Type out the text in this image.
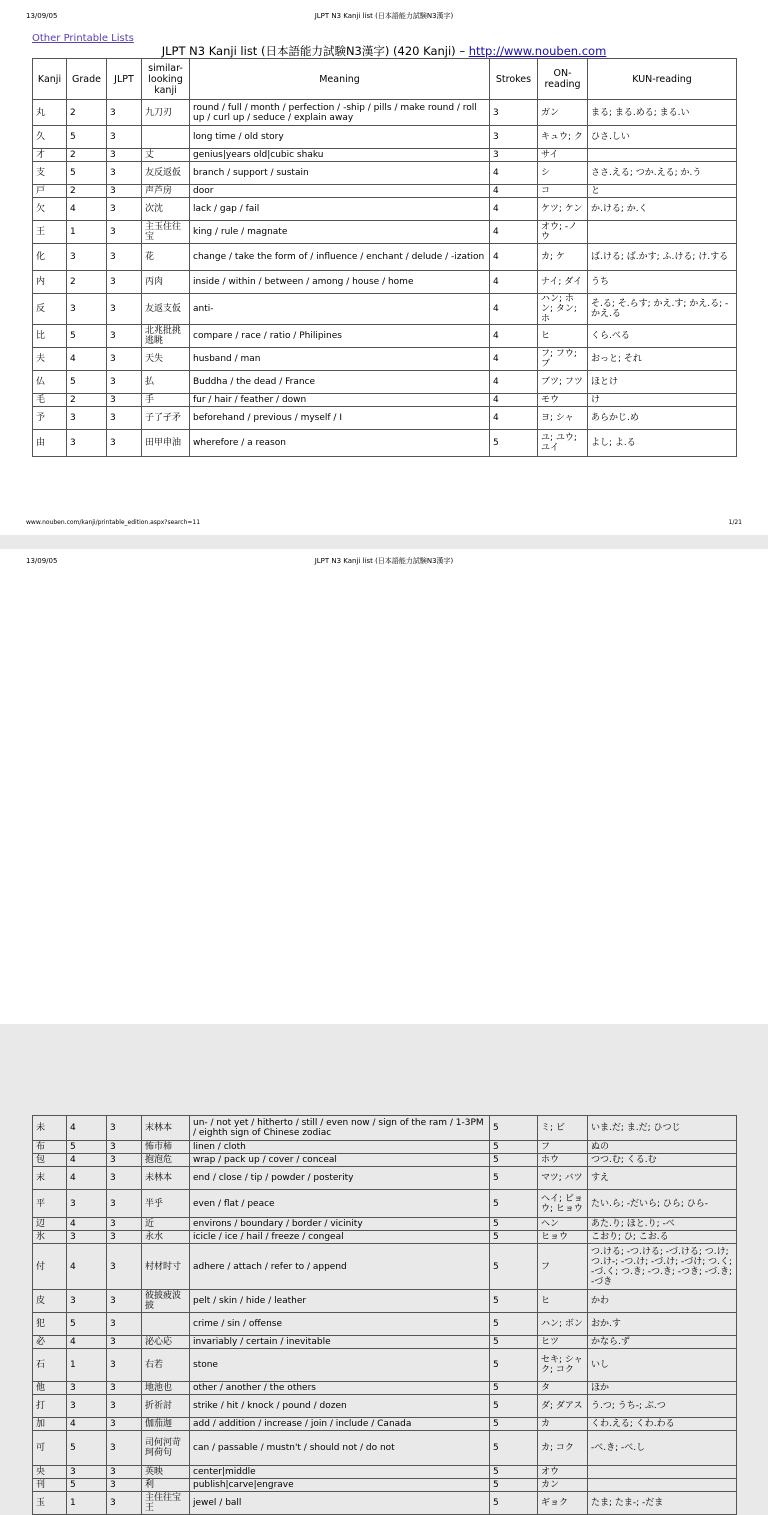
13/09/05	JLPT N3 Kanji list (日本語能力試験N3漢字)
Other Printable Lists
JLPT N3 Kanji list (日本語能力試験N3漢字) (420 Kanji) – http://www.nouben.com
Kanji	Grade	JLPT	similar-looking kanji	Meaning	Strokes	ON-reading	KUN-reading
丸	2	3	九刀刃	round / full / month / perfection / -ship / pills / make round / roll up / curl up / seduce / explain away	3	ガン	まる; まる.める; まる.い
久	5	3		long time / old story	3	キュウ; ク	ひさ.しい
才	2	3	丈	genius|years old|cubic shaku	3	サイ	
支	5	3	友反返仮	branch / support / sustain	4	シ	ささ.える; つか.える; か.う
戸	2	3	声芦房	door	4	コ	と
欠	4	3	次沈	lack / gap / fail	4	ケツ; ケン	か.ける; か.く
王	1	3	主玉住往宝	king / rule / magnate	4	オウ; -ノウ	
化	3	3	花	change / take the form of / influence / enchant / delude / -ization	4	カ; ケ	ば.ける; ば.かす; ふ.ける; け.する
内	2	3	丙肉	inside / within / between / among / house / home	4	ナイ; ダイ	うち
反	3	3	友返支仮	anti-	4	ハン; ホン; タン; ホ	そ.る; そ.らす; かえ.す; かえ.る; -かえ.る
比	5	3	北兆批挑逃眺	compare / race / ratio / Philipines	4	ヒ	くら.べる
夫	4	3	天失	husband / man	4	フ; フウ; ブ	おっと; それ
仏	5	3	払	Buddha / the dead / France	4	ブツ; フツ	ほとけ
毛	2	3	手	fur / hair / feather / down	4	モウ	け
予	3	3	子了孑矛	beforehand / previous / myself / I	4	ヨ; シャ	あらかじ.め
由	3	3	田甲申油	wherefore / a reason	5	ユ; ユウ; ユイ	よし; よ.る
www.nouben.com/kanji/printable_edition.aspx?search=11	1/21
13/09/05	JLPT N3 Kanji list (日本語能力試験N3漢字)
未	4	3	末林本	un- / not yet / hitherto / still / even now / sign of the ram / 1-3PM / eighth sign of Chinese zodiac	5	ミ; ビ	いま.だ; ま.だ; ひつじ
布	5	3	怖市柿	linen / cloth	5	フ	ぬの
包	4	3	抱泡危	wrap / pack up / cover / conceal	5	ホウ	つつ.む; くる.む
末	4	3	未林本	end / close / tip / powder / posterity	5	マツ; バツ	すえ
平	3	3	半乎	even / flat / peace	5	ヘイ; ビョウ; ヒョウ	たい.ら; -だいら; ひら; ひら-
辺	4	3	近	environs / boundary / border / vicinity	5	ヘン	あた.り; ほと.り; -べ
氷	3	3	永水	icicle / ice / hail / freeze / congeal	5	ヒョウ	こおり; ひ; こお.る
付	4	3	村材时寸	adhere / attach / refer to / append	5	フ	つ.ける; -つ.ける; -づ.ける; つ.け; つ.け-; -つ.け; -づ.け; -づけ; つ.く; -づ.く; つ.き; -つ.き; -つき; -づ.き; -づき
皮	3	3	彼披疲波披	pelt / skin / hide / leather	5	ヒ	かわ
犯	5	3		crime / sin / offense	5	ハン; ボン	おか.す
必	4	3	泌心応	invariably / certain / inevitable	5	ヒツ	かなら.ず
石	1	3	右若	stone	5	セキ; シャク; コク	いし
他	3	3	地池也	other / another / the others	5	タ	ほか
打	3	3	折祈討	strike / hit / knock / pound / dozen	5	ダ; ダアス	う.つ; うち-; ぶ.つ
加	4	3	伽茄迦	add / addition / increase / join / include / Canada	5	カ	くわ.える; くわ.わる
可	5	3	司何河苛珂荷句	can / passable / mustn't / should not / do not	5	カ; コク	-べ.き; -べ.し
央	3	3	英映	center|middle	5	オウ	
刊	5	3	利	publish|carve|engrave	5	カン	
玉	1	3	主住往宝王	jewel / ball	5	ギョク	たま; たま-; -だま
